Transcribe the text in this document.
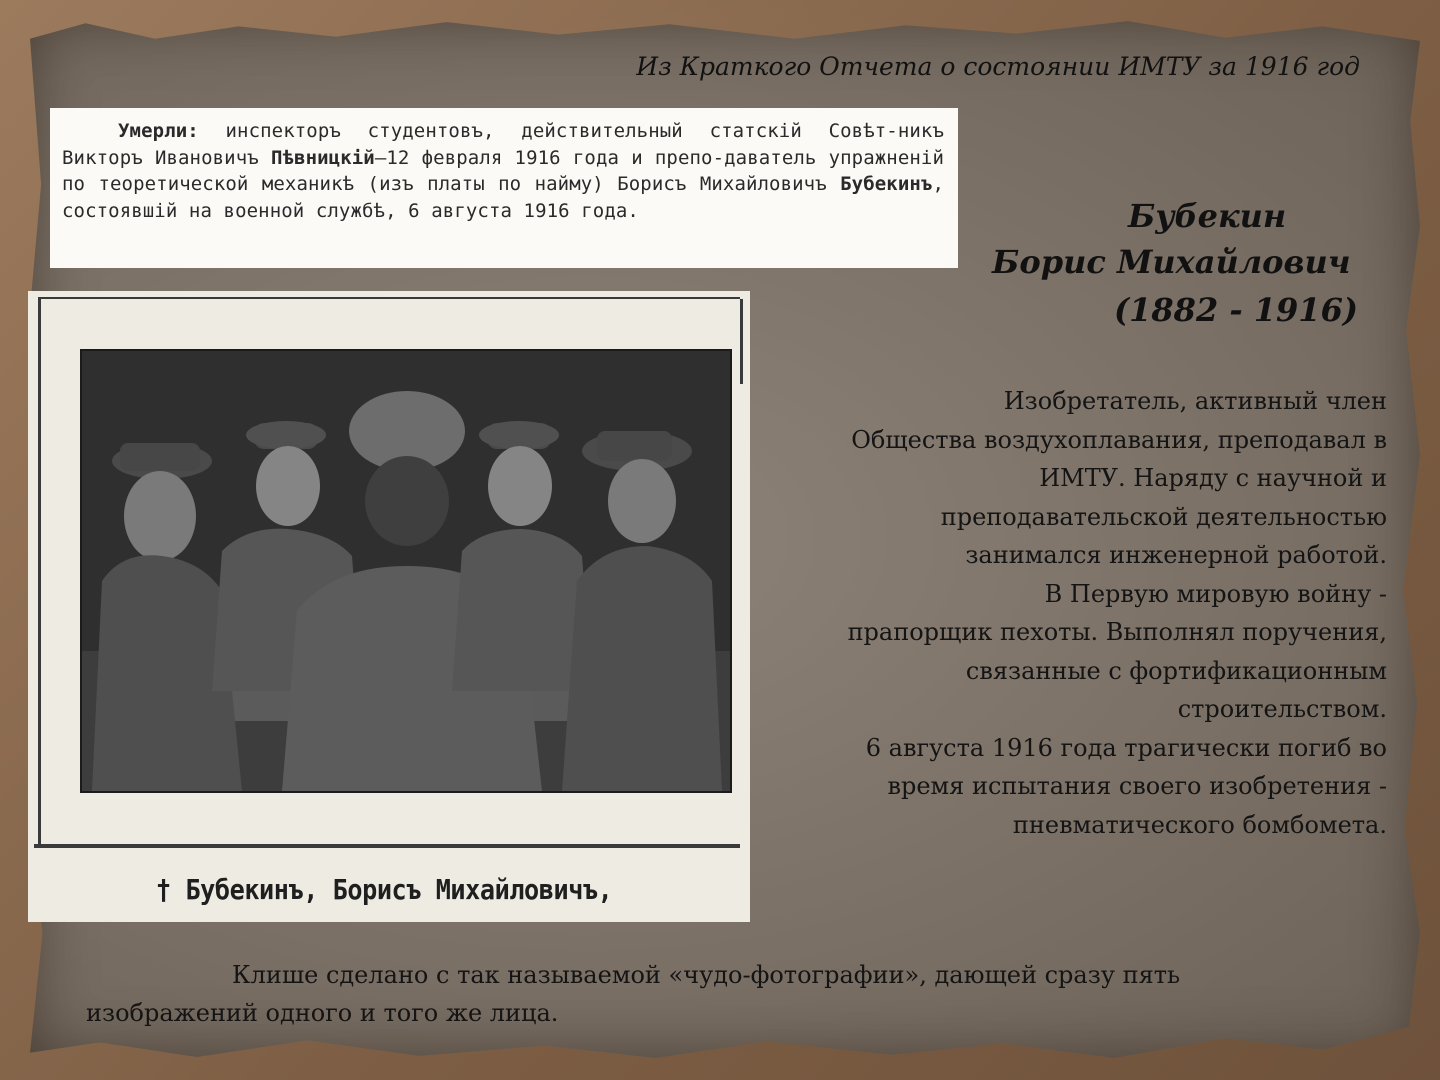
Из Краткого Отчета о состоянии ИМТУ за 1916 год

Умерли: инспекторъ студентовъ, действительный статскій Совѣт-никъ Викторъ Ивановичъ Пѣвницкій—12 февраля 1916 года и препо-даватель упражненій по теоретической механикѣ (изъ платы по найму) Борисъ Михайловичъ Бубекинъ, состоявшій на военной службѣ, 6 августа 1916 года.	Бубекин
Борис Михайлович
(1882 - 1916)
Изобретатель, активный член
Общества воздухоплавания, преподавал в
ИМТУ. Наряду с научной и
преподавательской деятельностью
занимался инженерной работой.
В Первую мировую войну -
прапорщик пехоты. Выполнял поручения,
связанные с фортификационным
строительством.
6 августа 1916 года трагически погиб во
время испытания своего изобретения -
пневматического бомбомета.
† Бубекинъ, Борисъ Михайловичъ,
Клише сделано с так называемой «чудо-фотографии», дающей сразу пять
изображений одного и того же лица.
